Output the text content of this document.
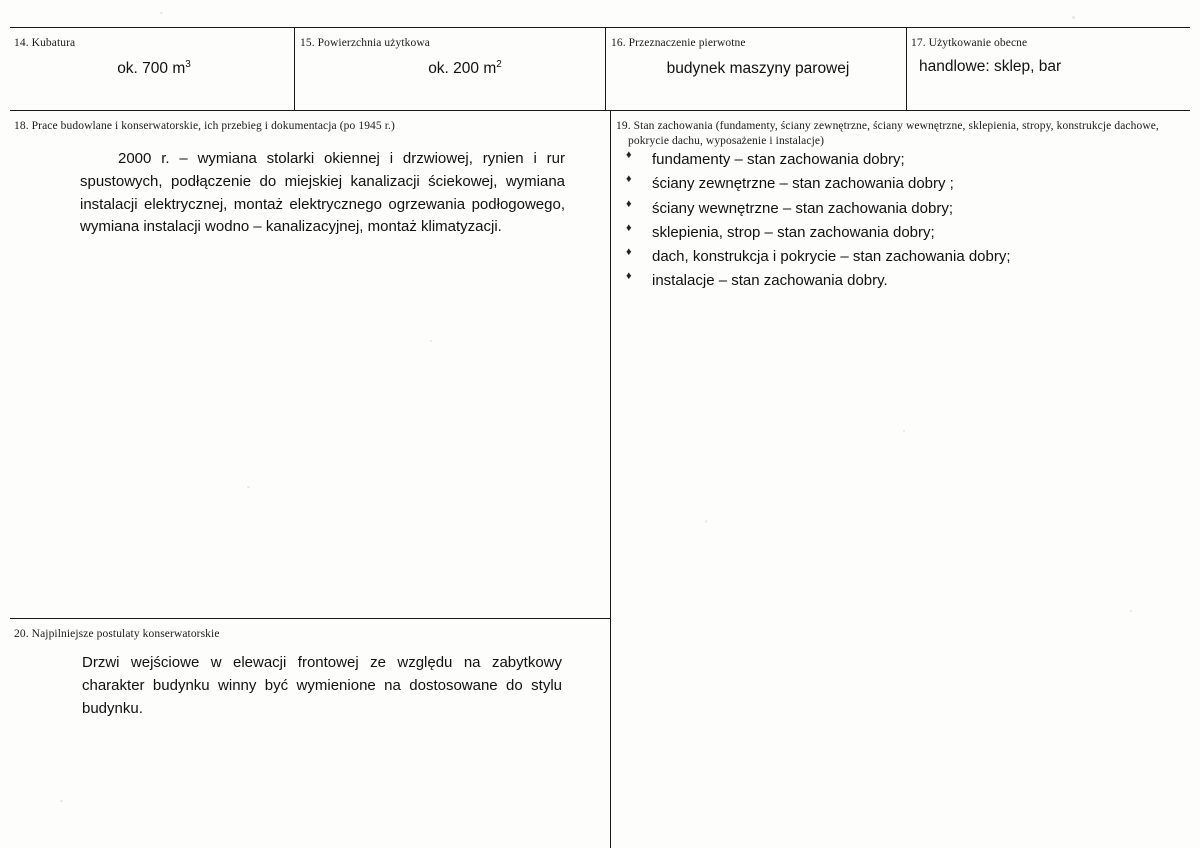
14. Kubatura
ok. 700 $m^3$
15. Powierzchnia użytkowa
ok. 200 $m^2$
16. Przeznaczenie pierwotne
budynek maszyny parowej
17. Użytkowanie obecne
handlowe: sklep, bar
18. Prace budowlane i konserwatorskie, ich przebieg i dokumentacja (po 1945 r.)
2000 r. – wymiana stolarki okiennej i drzwiowej, rynien i rur spustowych, podłączenie do miejskiej kanalizacji ściekowej, wymiana instalacji elektrycznej, montaż elektrycznego ogrzewania podłogowego, wymiana instalacji wodno – kanalizacyjnej, montaż klimatyzacji.
19. Stan zachowania (fundamenty, ściany zewnętrzne, ściany wewnętrzne, sklepienia, stropy, konstrukcje dachowe,
pokrycie dachu, wyposażenie i instalacje)
♦ fundamenty – stan zachowania dobry;
♦ ściany zewnętrzne – stan zachowania dobry ;
♦ ściany wewnętrzne – stan zachowania dobry;
♦ sklepienia, strop – stan zachowania dobry;
♦ dach, konstrukcja i pokrycie – stan zachowania dobry;
♦ instalacje – stan zachowania dobry.
20. Najpilniejsze postulaty konserwatorskie
Drzwi wejściowe w elewacji frontowej ze względu na zabytkowy charakter budynku winny być wymienione na dostosowane do stylu budynku.
